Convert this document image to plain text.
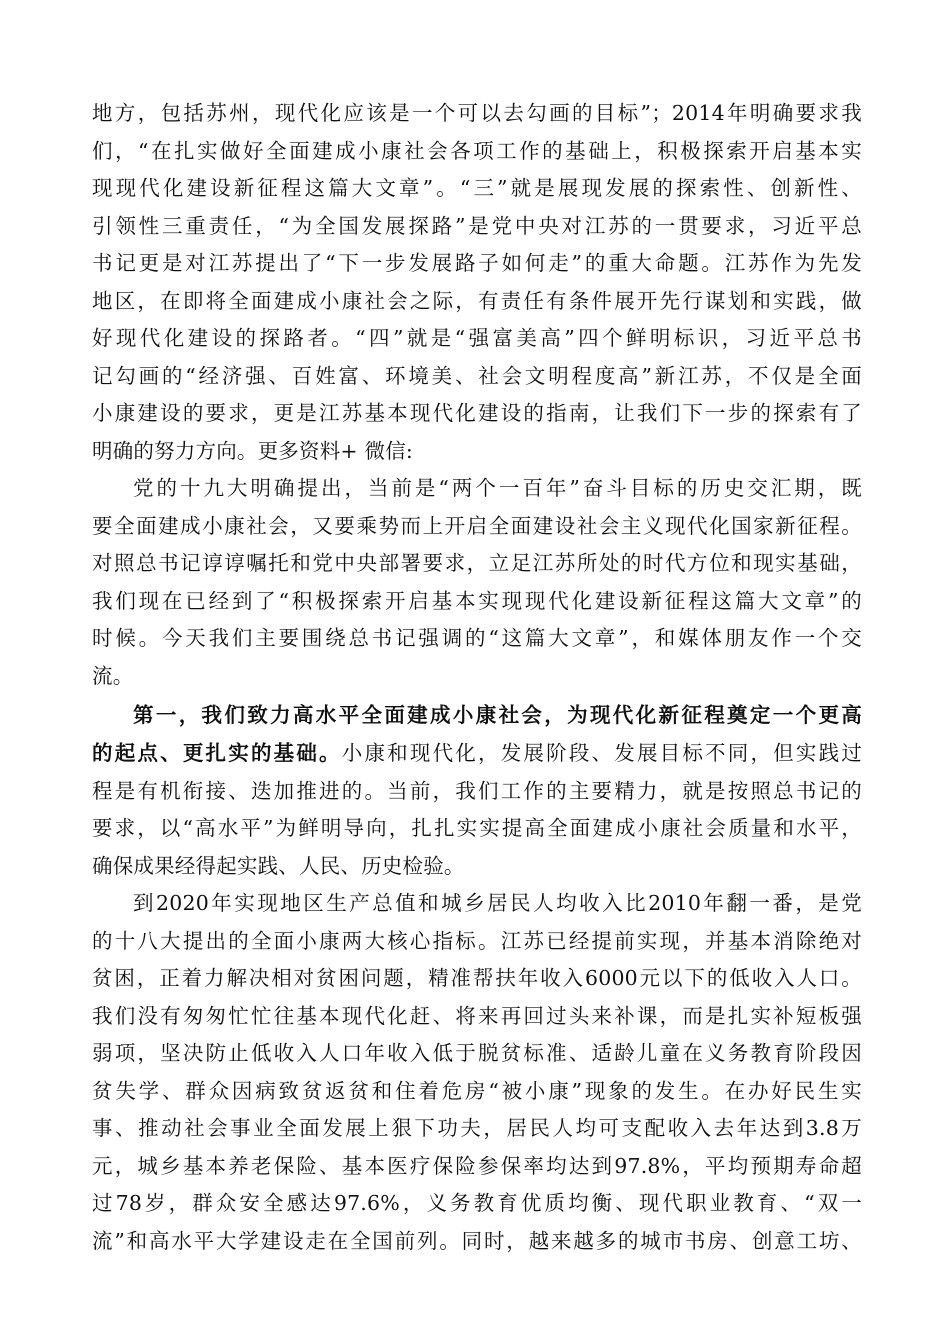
地方，包括苏州，现代化应该是一个可以去勾画的目标”；2014年明确要求我
们，“在扎实做好全面建成小康社会各项工作的基础上，积极探索开启基本实
现现代化建设新征程这篇大文章”。“三”就是展现发展的探索性、创新性、
引领性三重责任，“为全国发展探路”是党中央对江苏的一贯要求，习近平总
书记更是对江苏提出了“下一步发展路子如何走”的重大命题。江苏作为先发
地区，在即将全面建成小康社会之际，有责任有条件展开先行谋划和实践，做
好现代化建设的探路者。“四”就是“强富美高”四个鲜明标识，习近平总书
记勾画的“经济强、百姓富、环境美、社会文明程度高”新江苏，不仅是全面
小康建设的要求，更是江苏基本现代化建设的指南，让我们下一步的探索有了
明确的努力方向。更多资料+ 微信:
党的十九大明确提出，当前是“两个一百年”奋斗目标的历史交汇期，既
要全面建成小康社会，又要乘势而上开启全面建设社会主义现代化国家新征程。
对照总书记谆谆嘱托和党中央部署要求，立足江苏所处的时代方位和现实基础，
我们现在已经到了“积极探索开启基本实现现代化建设新征程这篇大文章”的
时候。今天我们主要围绕总书记强调的“这篇大文章”，和媒体朋友作一个交
流。
第一，我们致力高水平全面建成小康社会，为现代化新征程奠定一个更高
的起点、更扎实的基础。小康和现代化，发展阶段、发展目标不同，但实践过
程是有机衔接、迭加推进的。当前，我们工作的主要精力，就是按照总书记的
要求，以“高水平”为鲜明导向，扎扎实实提高全面建成小康社会质量和水平，
确保成果经得起实践、人民、历史检验。
到2020年实现地区生产总值和城乡居民人均收入比2010年翻一番，是党
的十八大提出的全面小康两大核心指标。江苏已经提前实现，并基本消除绝对
贫困，正着力解决相对贫困问题，精准帮扶年收入6000元以下的低收入人口。
我们没有匆匆忙忙往基本现代化赶、将来再回过头来补课，而是扎实补短板强
弱项，坚决防止低收入人口年收入低于脱贫标准、适龄儿童在义务教育阶段因
贫失学、群众因病致贫返贫和住着危房“被小康”现象的发生。在办好民生实
事、推动社会事业全面发展上狠下功夫，居民人均可支配收入去年达到3.8万
元，城乡基本养老保险、基本医疗保险参保率均达到97.8%，平均预期寿命超
过78岁，群众安全感达97.6%，义务教育优质均衡、现代职业教育、“双一
流”和高水平大学建设走在全国前列。同时，越来越多的城市书房、创意工坊、
